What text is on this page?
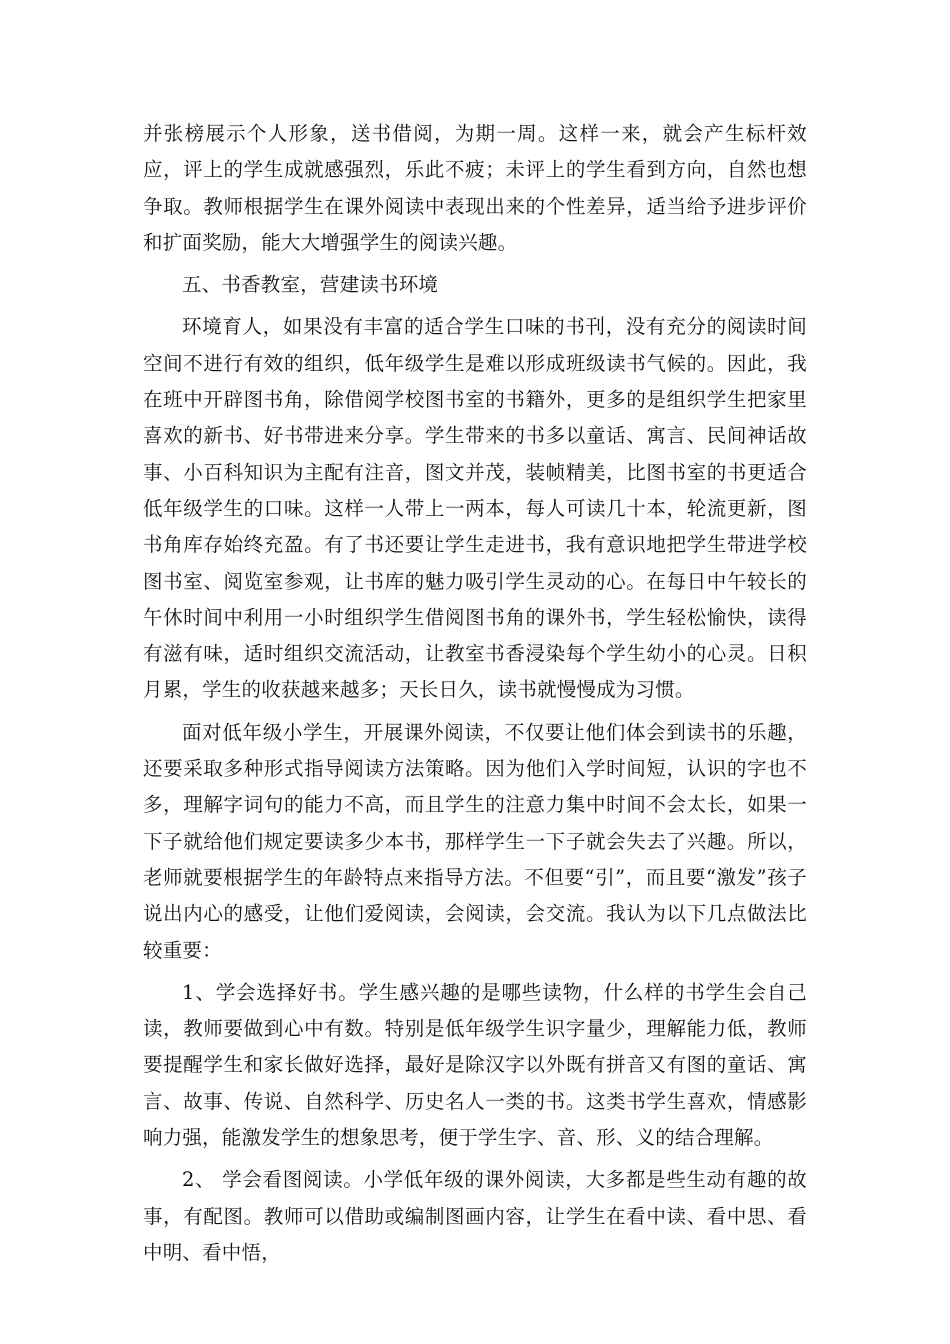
并张榜展示个人形象，送书借阅，为期一周。这样一来，就会产生标杆效应，评上的学生成就感强烈，乐此不疲；未评上的学生看到方向，自然也想争取。教师根据学生在课外阅读中表现出来的个性差异，适当给予进步评价和扩面奖励，能大大增强学生的阅读兴趣。

五、书香教室，营建读书环境

环境育人，如果没有丰富的适合学生口味的书刊，没有充分的阅读时间空间不进行有效的组织，低年级学生是难以形成班级读书气候的。因此，我在班中开辟图书角，除借阅学校图书室的书籍外，更多的是组织学生把家里喜欢的新书、好书带进来分享。学生带来的书多以童话、寓言、民间神话故事、小百科知识为主配有注音，图文并茂，装帧精美，比图书室的书更适合低年级学生的口味。这样一人带上一两本，每人可读几十本，轮流更新，图书角库存始终充盈。有了书还要让学生走进书，我有意识地把学生带进学校图书室、阅览室参观，让书库的魅力吸引学生灵动的心。在每日中午较长的午休时间中利用一小时组织学生借阅图书角的课外书，学生轻松愉快，读得有滋有味，适时组织交流活动，让教室书香浸染每个学生幼小的心灵。日积月累，学生的收获越来越多；天长日久，读书就慢慢成为习惯。

面对低年级小学生，开展课外阅读，不仅要让他们体会到读书的乐趣，还要采取多种形式指导阅读方法策略。因为他们入学时间短，认识的字也不多，理解字词句的能力不高，而且学生的注意力集中时间不会太长，如果一下子就给他们规定要读多少本书，那样学生一下子就会失去了兴趣。所以，老师就要根据学生的年龄特点来指导方法。不但要“引”，而且要“激发”孩子说出内心的感受，让他们爱阅读，会阅读，会交流。我认为以下几点做法比较重要：

1、学会选择好书。学生感兴趣的是哪些读物，什么样的书学生会自己读，教师要做到心中有数。特别是低年级学生识字量少，理解能力低，教师要提醒学生和家长做好选择，最好是除汉字以外既有拼音又有图的童话、寓言、故事、传说、自然科学、历史名人一类的书。这类书学生喜欢，情感影响力强，能激发学生的想象思考，便于学生字、音、形、义的结合理解。

2、 学会看图阅读。小学低年级的课外阅读，大多都是些生动有趣的故事，有配图。教师可以借助或编制图画内容，让学生在看中读、看中思、看中明、看中悟，
